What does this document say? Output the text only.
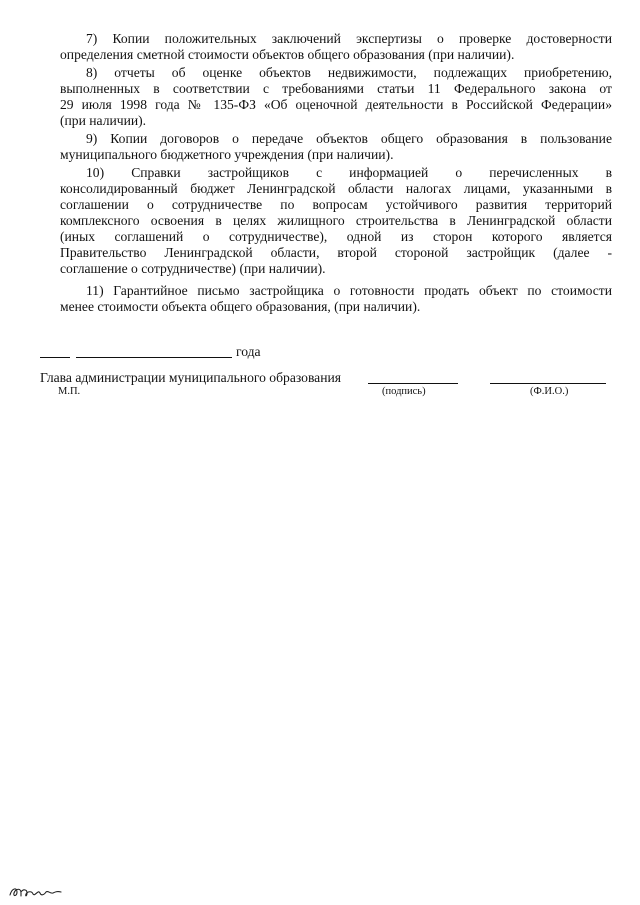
7) Копии положительных заключений экспертизы о проверке достоверности
определения сметной стоимости объектов общего образования (при наличии).
8) отчеты об оценке объектов недвижимости, подлежащих приобретению,
выполненных в соответствии с требованиями статьи 11 Федерального закона от
29 июля 1998 года № 135-ФЗ «Об оценочной деятельности в Российской Федерации»
(при наличии).
9) Копии договоров о передаче объектов общего образования в пользование
муниципального бюджетного учреждения (при наличии).
10) Справки застройщиков с информацией о перечисленных в
консолидированный бюджет Ленинградской области налогах лицами, указанными в
соглашении о сотрудничестве по вопросам устойчивого развития территорий
комплексного освоения в целях жилищного строительства в Ленинградской области
(иных соглашений о сотрудничестве), одной из сторон которого является
Правительство Ленинградской области, второй стороной застройщик (далее -
соглашение о сотрудничестве) (при наличии).
11) Гарантийное письмо застройщика о готовности продать объект по стоимости
менее стоимости объекта общего образования, (при наличии).
года
Глава администрации муниципального образования
М.П.	(подпись)	(Ф.И.О.)
